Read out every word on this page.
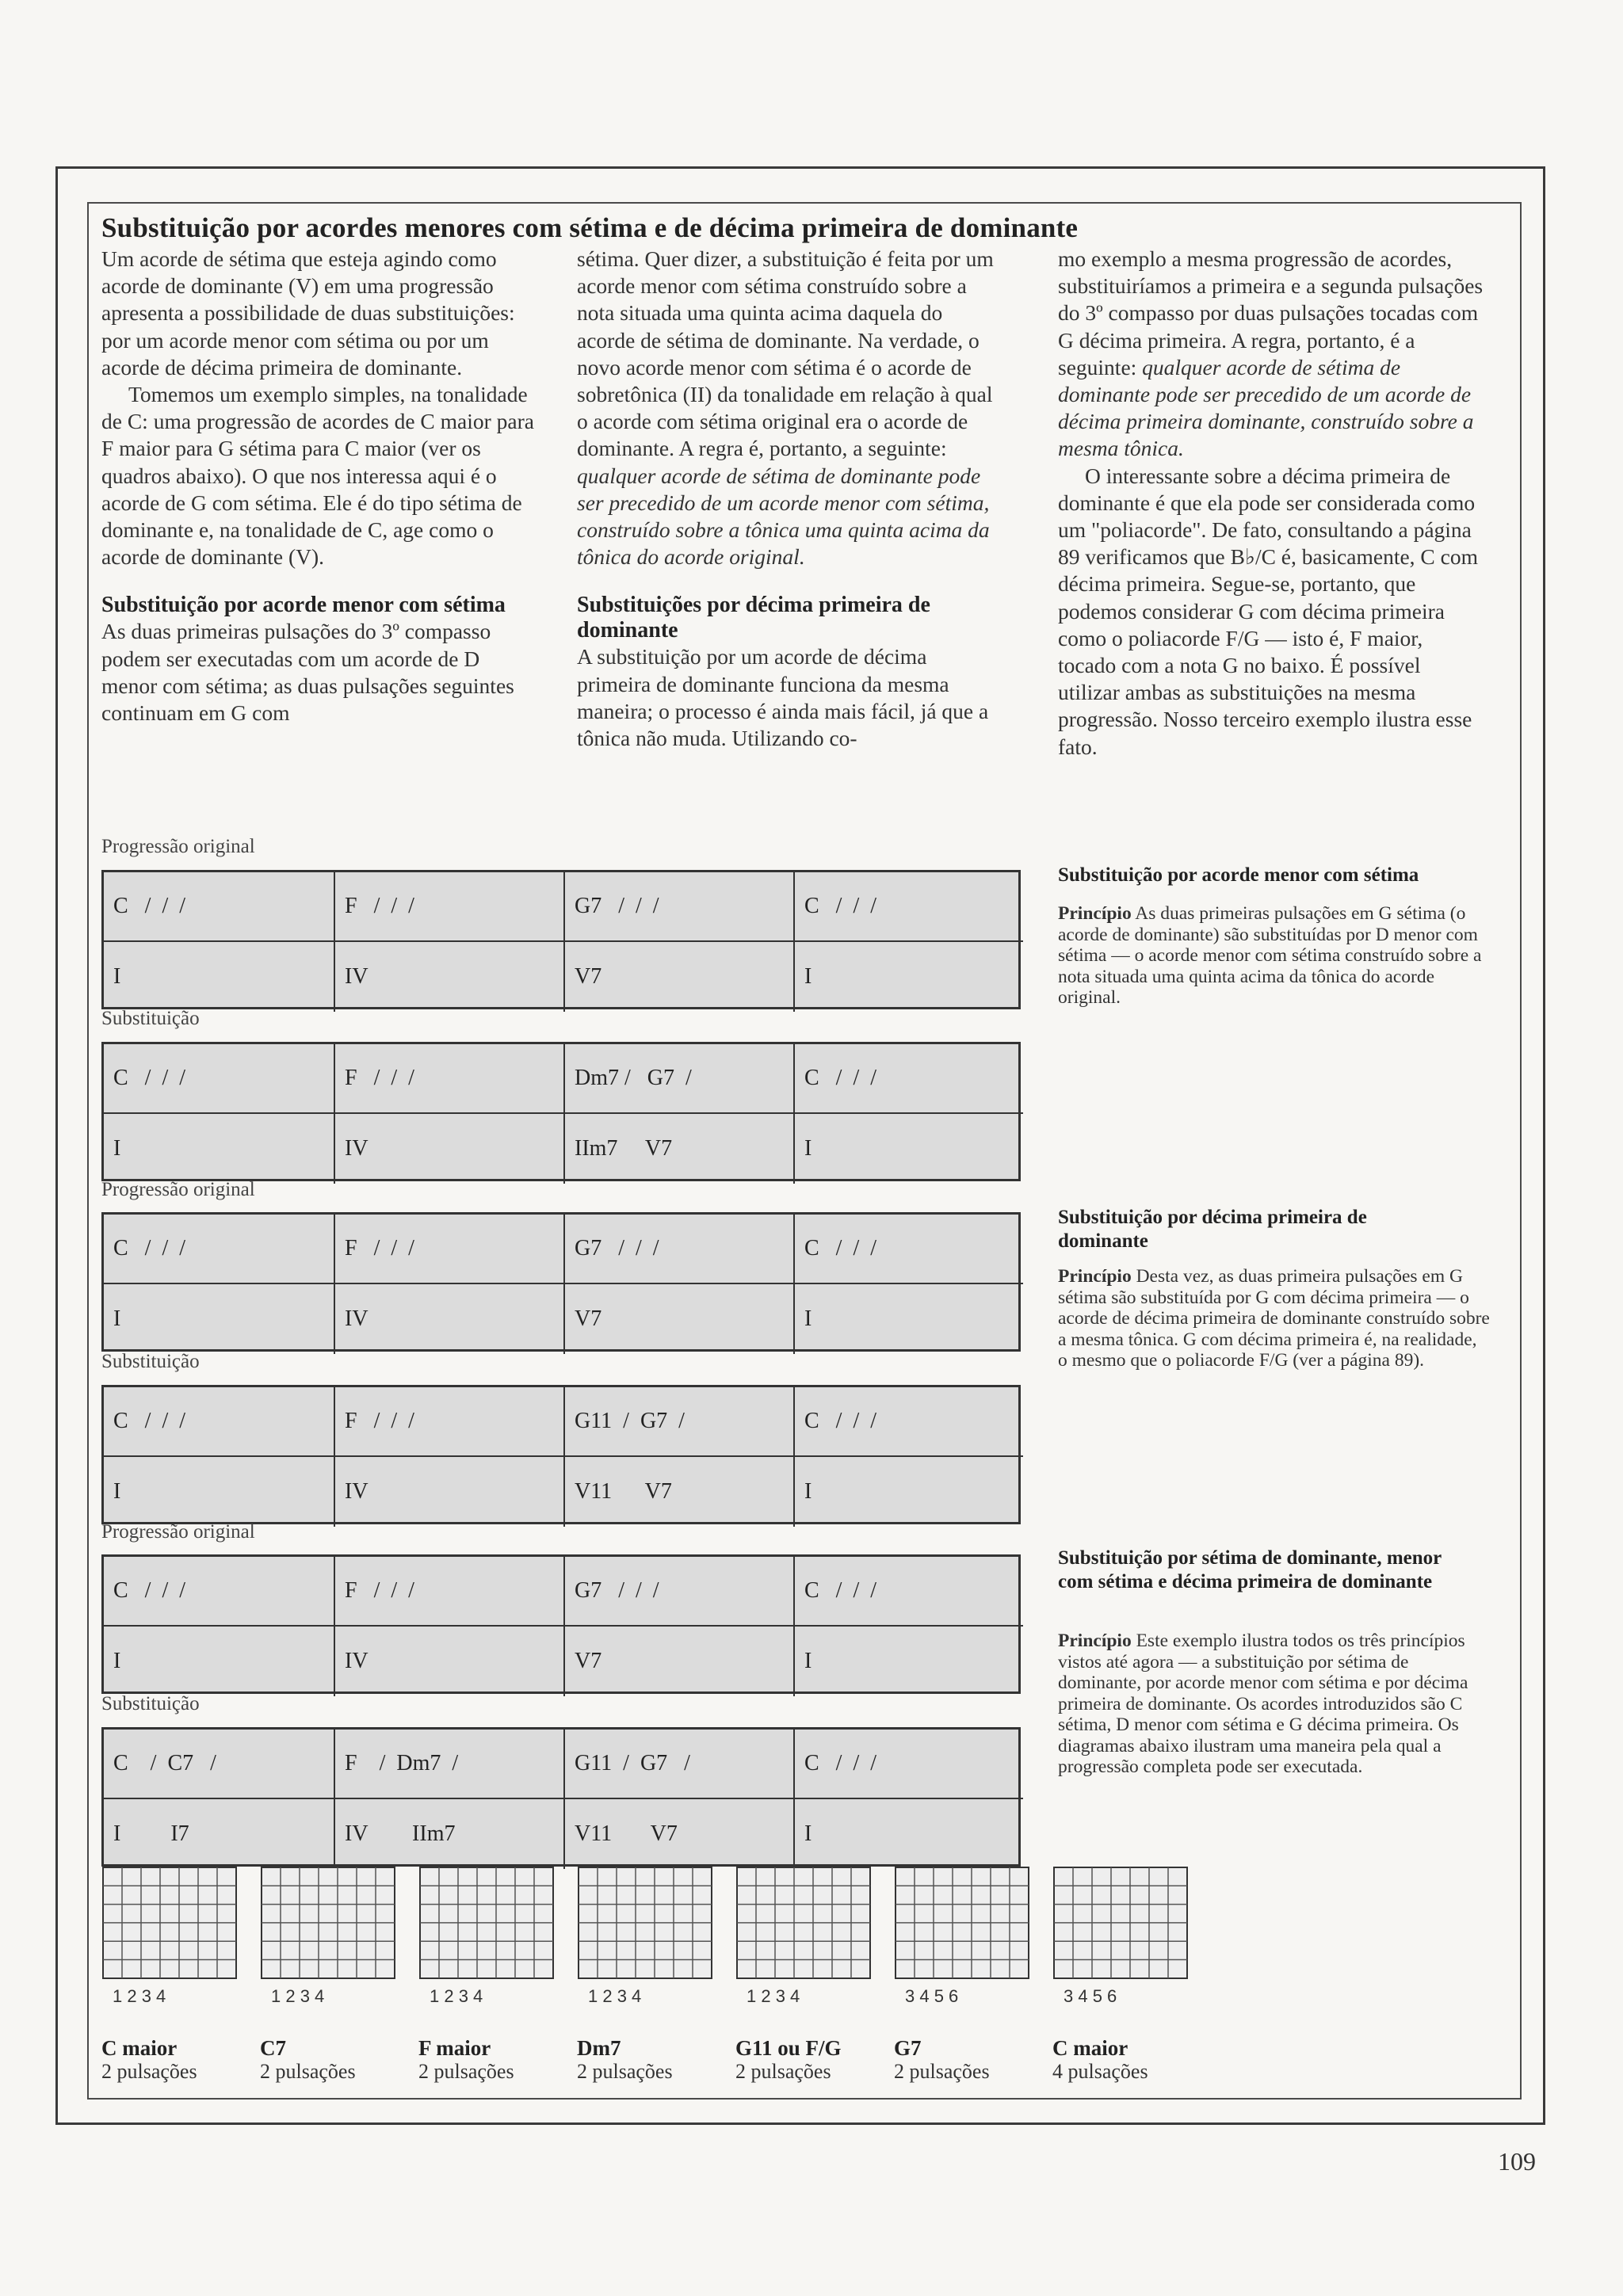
Substituição por acordes menores com sétima e de décima primeira de dominante

Um acorde de sétima que esteja agindo como acorde de dominante (V) em uma progressão apresenta a possibilidade de duas substituições: por um acorde menor com sétima ou por um acorde de décima primeira de dominante.

Tomemos um exemplo simples, na tonalidade de C: uma progressão de acordes de C maior para F maior para G sétima para C maior (ver os quadros abaixo). O que nos interessa aqui é o acorde de G com sétima. Ele é do tipo sétima de dominante e, na tonalidade de C, age como o acorde de dominante (V).

Substituição por acorde menor com sétima

As duas primeiras pulsações do 3º compasso podem ser executadas com um acorde de D menor com sétima; as duas pulsações seguintes continuam em G com

sétima. Quer dizer, a substituição é feita por um acorde menor com sétima construído sobre a nota situada uma quinta acima daquela do acorde de sétima de dominante. Na verdade, o novo acorde menor com sétima é o acorde de sobretônica (II) da tonalidade em relação à qual o acorde com sétima original era o acorde de dominante. A regra é, portanto, a seguinte: qualquer acorde de sétima de dominante pode ser precedido de um acorde menor com sétima, construído sobre a tônica uma quinta acima da tônica do acorde original.

Substituições por décima primeira de dominante

A substituição por um acorde de décima primeira de dominante funciona da mesma maneira; o processo é ainda mais fácil, já que a tônica não muda. Utilizando co-

mo exemplo a mesma progressão de acordes, substituiríamos a primeira e a segunda pulsações do 3º compasso por duas pulsações tocadas com G décima primeira. A regra, portanto, é a seguinte: qualquer acorde de sétima de dominante pode ser precedido de um acorde de décima primeira dominante, construído sobre a mesma tônica.

O interessante sobre a décima primeira de dominante é que ela pode ser considerada como um "poliacorde". De fato, consultando a página 89 verificamos que B♭/C é, basicamente, C com décima primeira. Segue-se, portanto, que podemos considerar G com décima primeira como o poliacorde F/G — isto é, F maior, tocado com a nota G no baixo. É possível utilizar ambas as substituições na mesma progressão. Nosso terceiro exemplo ilustra esse fato.

Progressão original
C   /  /  /	F   /  /  /	G7   /  /  /	C   /  /  /
I	IV	V7	I
Substituição
C   /  /  /	F   /  /  /	Dm7 /   G7  /	C   /  /  /
I	IV	IIm7     V7	I
Progressão original
C   /  /  /	F   /  /  /	G7   /  /  /	C   /  /  /
I	IV	V7	I
Substituição
C   /  /  /	F   /  /  /	G11  /  G7  /	C   /  /  /
I	IV	V11      V7	I
Progressão original
C   /  /  /	F   /  /  /	G7   /  /  /	C   /  /  /
I	IV	V7	I
Substituição
C    /  C7   /	F    /  Dm7  /	G11  /  G7   /	C   /  /  /
I         I7	IV        IIm7	V11       V7	I
Substituição por acorde menor com sétima
Princípio As duas primeiras pulsações em G sétima (o acorde de dominante) são substituídas por D menor com sétima — o acorde menor com sétima construído sobre a nota situada uma quinta acima da tônica do acorde original.
Substituição por décima primeira de dominante
Princípio Desta vez, as duas primeira pulsações em G sétima são substituída por G com décima primeira — o acorde de décima primeira de dominante construído sobre a mesma tônica. G com décima primeira é, na realidade, o mesmo que o poliacorde F/G (ver a página 89).
Substituição por sétima de dominante, menor com sétima e décima primeira de dominante
Princípio Este exemplo ilustra todos os três princípios vistos até agora — a substituição por sétima de dominante, por acorde menor com sétima e por décima primeira de dominante. Os acordes introduzidos são C sétima, D menor com sétima e G décima primeira. Os diagramas abaixo ilustram uma maneira pela qual a progressão completa pode ser executada.
1 2 3 4
C maior
2 pulsações
1 2 3 4
C7
2 pulsações
1 2 3 4
F maior
2 pulsações
1 2 3 4
Dm7
2 pulsações
1 2 3 4
G11 ou F/G
2 pulsações
3 4 5 6
G7
2 pulsações
3 4 5 6
C maior
4 pulsações
109
